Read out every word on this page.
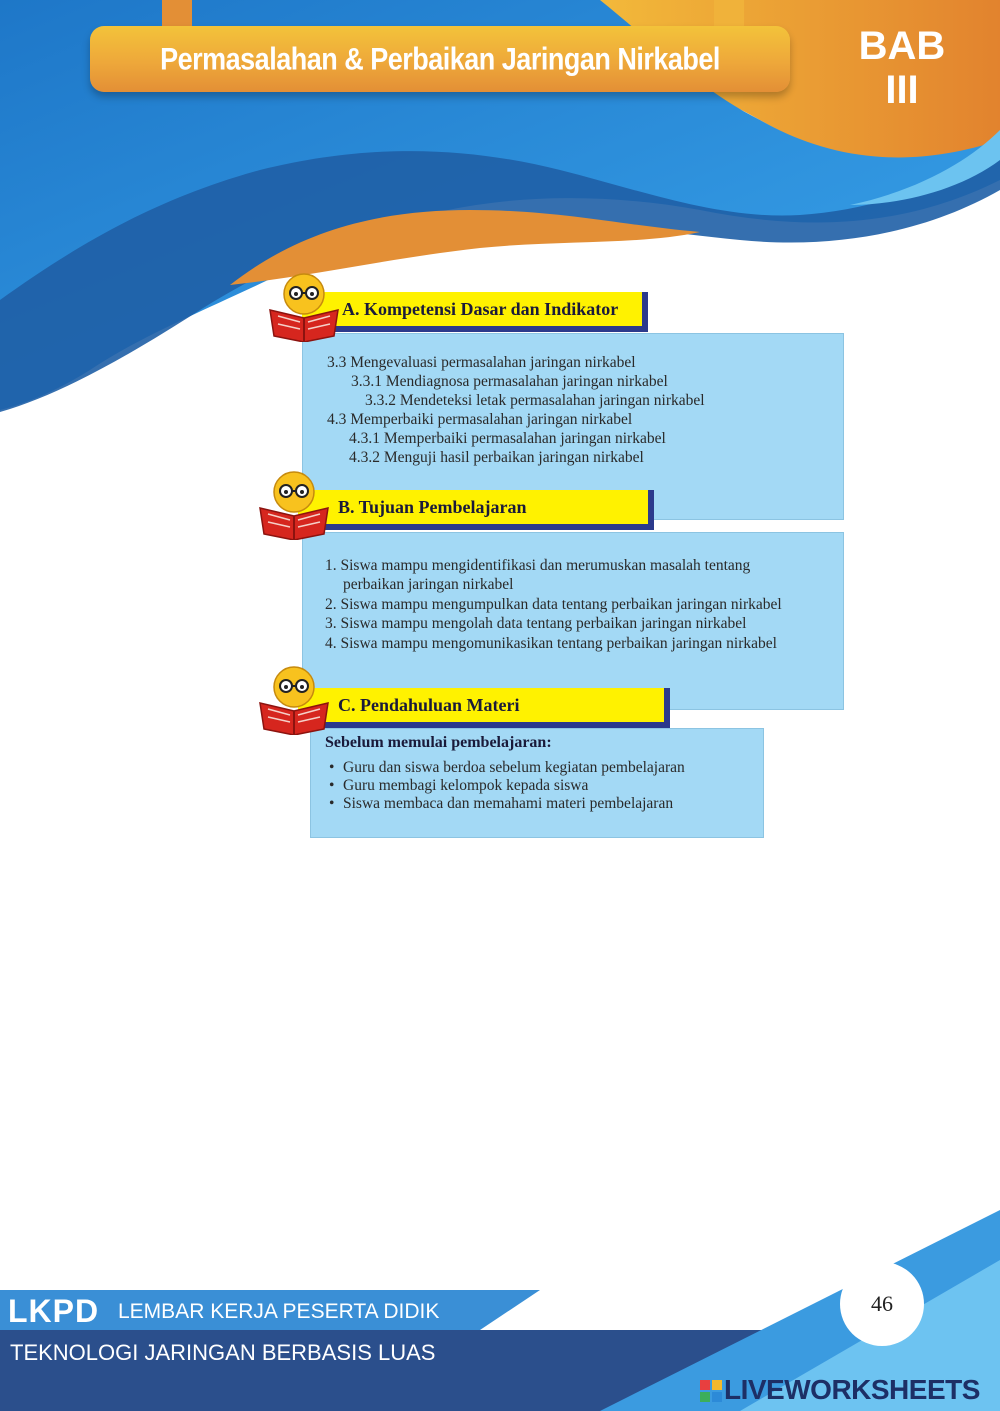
Permasalahan & Perbaikan Jaringan Nirkabel	BAB
III
3.3 Mengevaluasi permasalahan jaringan nirkabel
3.3.1 Mendiagnosa permasalahan jaringan nirkabel
3.3.2 Mendeteksi letak permasalahan jaringan nirkabel
4.3 Memperbaiki permasalahan jaringan nirkabel
4.3.1 Memperbaiki permasalahan jaringan nirkabel
4.3.2 Menguji hasil perbaikan jaringan nirkabel
A. Kompetensi Dasar dan Indikator
1. Siswa mampu mengidentifikasi dan merumuskan masalah tentang
perbaikan jaringan nirkabel
2. Siswa mampu mengumpulkan data tentang perbaikan jaringan nirkabel
3. Siswa mampu mengolah data tentang perbaikan jaringan nirkabel
4. Siswa mampu mengomunikasikan tentang perbaikan jaringan nirkabel
B. Tujuan Pembelajaran
Sebelum memulai pembelajaran:
• Guru dan siswa berdoa sebelum kegiatan pembelajaran
• Guru membagi kelompok kepada siswa
• Siswa membaca dan memahami materi pembelajaran
C. Pendahuluan Materi
LKPD LEMBAR KERJA PESERTA DIDIK
TEKNOLOGI JARINGAN BERBASIS LUAS
46
LIVEWORKSHEETS
